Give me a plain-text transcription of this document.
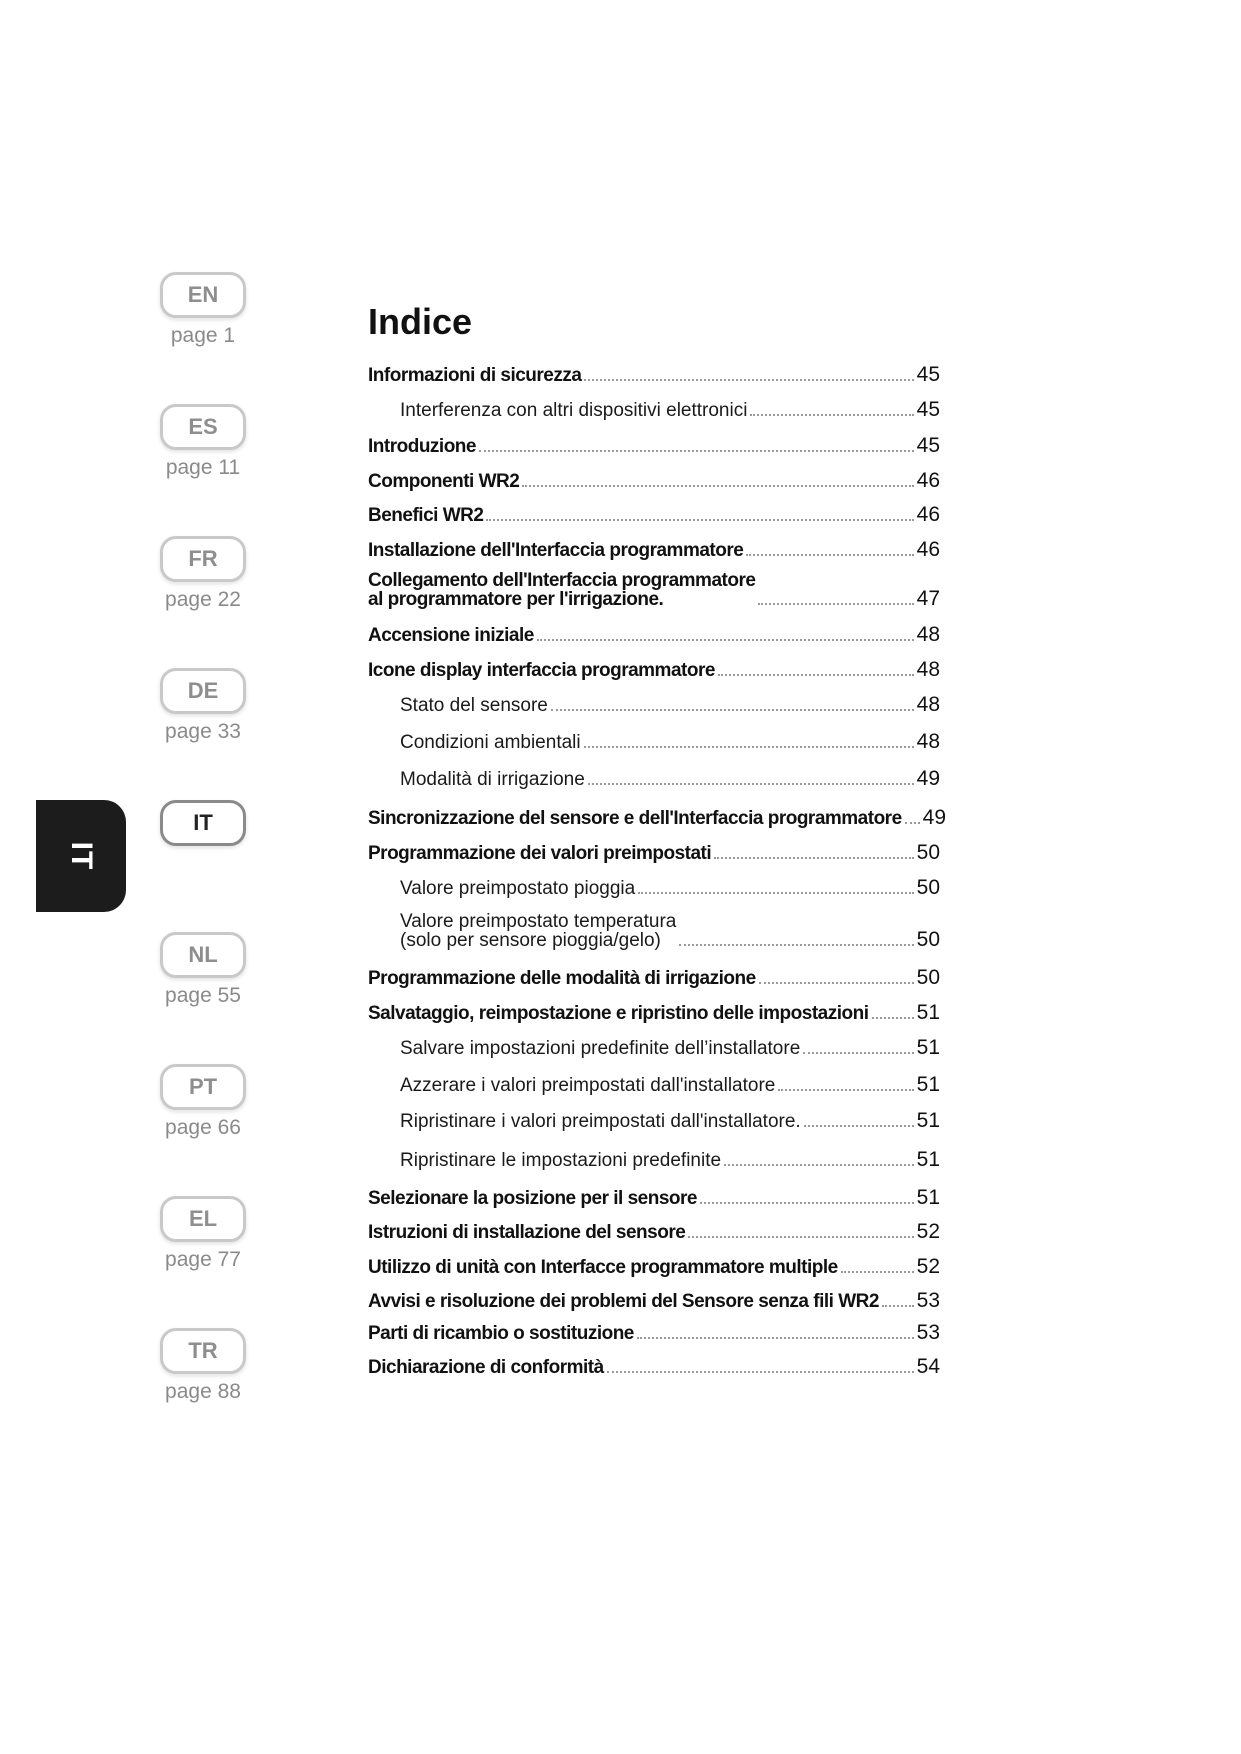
EN
page 1
ES
page 11
FR
page 22
DE
page 33
IT
NL
page 55
PT
page 66
EL
page 77
TR
page 88
IT
Indice
Informazioni di sicurezza	45
Interferenza con altri dispositivi elettronici	45
Introduzione	45
Componenti WR2	46
Benefici WR2	46
Installazione dell'Interfaccia programmatore	46
Collegamento dell'Interfaccia programmatore
al programmatore per l'irrigazione.	47
Accensione iniziale	48
Icone display interfaccia programmatore	48
Stato del sensore	48
Condizioni ambientali	48
Modalità di irrigazione	49
Sincronizzazione del sensore e dell'Interfaccia programmatore 49
Programmazione dei valori preimpostati	50
Valore preimpostato pioggia	50
Valore preimpostato temperatura
(solo per sensore pioggia/gelo)	50
Programmazione delle modalità di irrigazione	50
Salvataggio, reimpostazione e ripristino delle impostazioni 51
Salvare impostazioni predefinite dell’installatore	51
Azzerare i valori preimpostati dall'installatore	51
Ripristinare i valori preimpostati dall'installatore.	51
Ripristinare le impostazioni predefinite	51
Selezionare la posizione per il sensore	51
Istruzioni di installazione del sensore	52
Utilizzo di unità con Interfacce programmatore multiple	52
Avvisi e risoluzione dei problemi del Sensore senza fili WR2 53
Parti di ricambio o sostituzione	53
Dichiarazione di conformità	54
